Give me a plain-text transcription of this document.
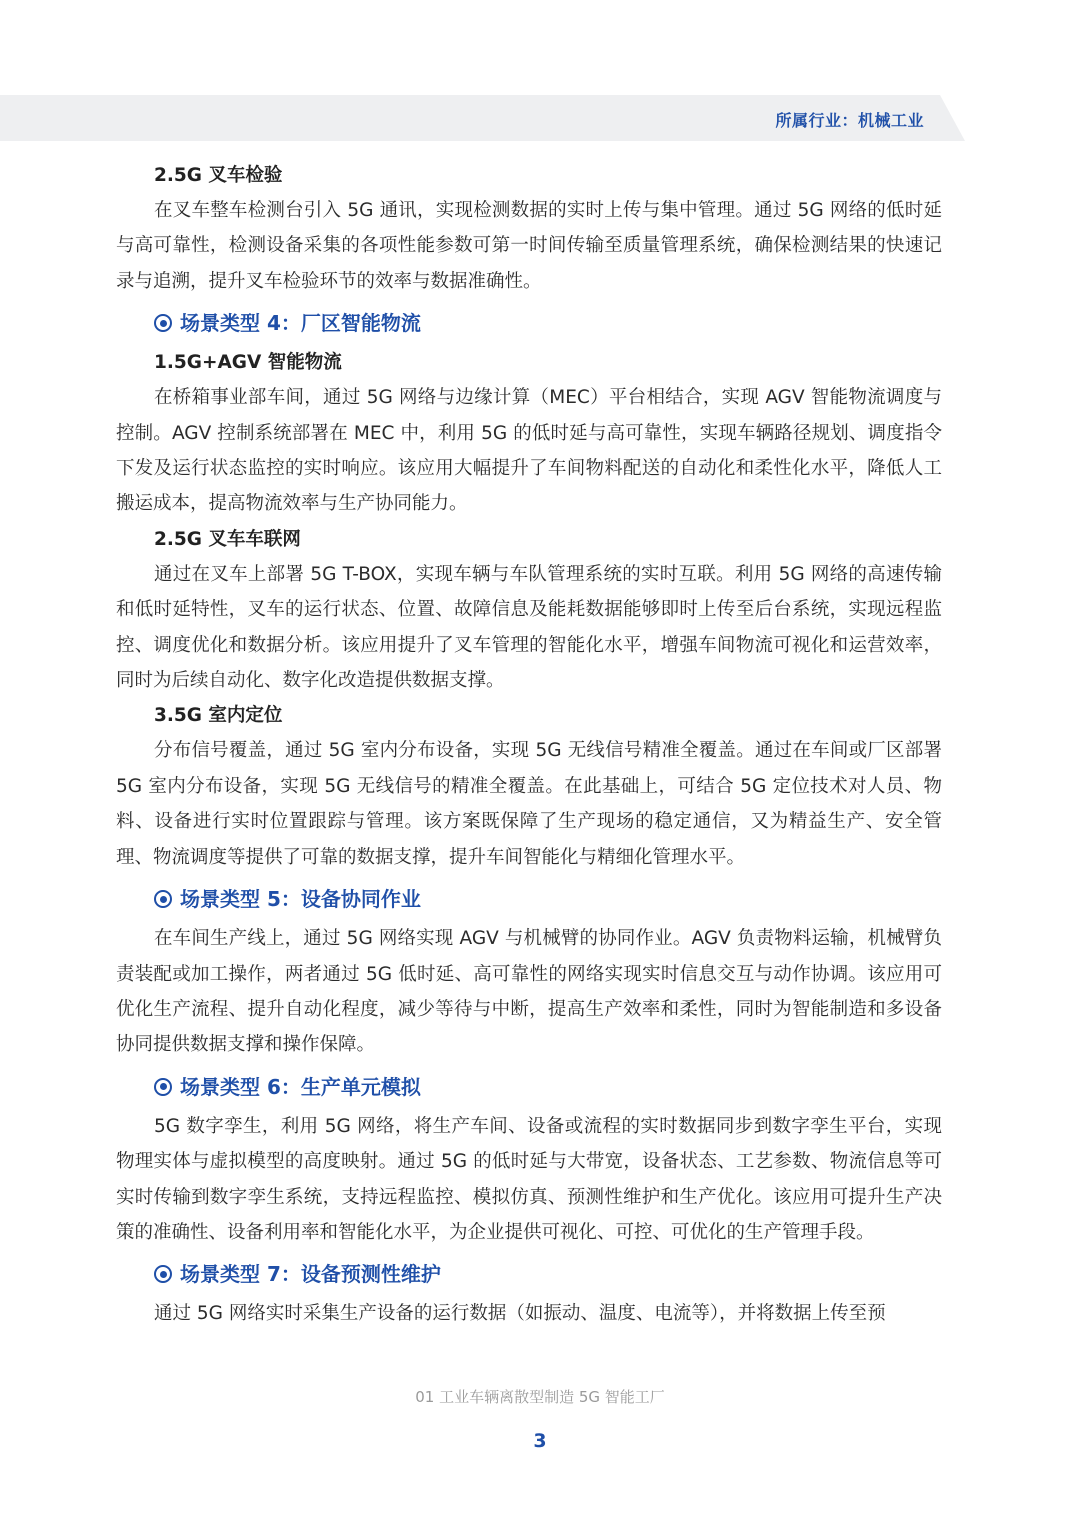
所属行业：机械工业
2.5G 叉车检验

在叉车整车检测台引入 5G 通讯，实现检测数据的实时上传与集中管理。通过 5G 网络的低时延与高可靠性，检测设备采集的各项性能参数可第一时间传输至质量管理系统，确保检测结果的快速记录与追溯，提升叉车检验环节的效率与数据准确性。

场景类型 4：厂区智能物流
1.5G+AGV 智能物流

在桥箱事业部车间，通过 5G 网络与边缘计算（MEC）平台相结合，实现 AGV 智能物流调度与控制。AGV 控制系统部署在 MEC 中，利用 5G 的低时延与高可靠性，实现车辆路径规划、调度指令下发及运行状态监控的实时响应。该应用大幅提升了车间物料配送的自动化和柔性化水平，降低人工搬运成本，提高物流效率与生产协同能力。

2.5G 叉车车联网

通过在叉车上部署 5G T-BOX，实现车辆与车队管理系统的实时互联。利用 5G 网络的高速传输和低时延特性，叉车的运行状态、位置、故障信息及能耗数据能够即时上传至后台系统，实现远程监控、调度优化和数据分析。该应用提升了叉车管理的智能化水平，增强车间物流可视化和运营效率，同时为后续自动化、数字化改造提供数据支撑。

3.5G 室内定位

分布信号覆盖，通过 5G 室内分布设备，实现 5G 无线信号精准全覆盖。通过在车间或厂区部署 5G 室内分布设备，实现 5G 无线信号的精准全覆盖。在此基础上，可结合 5G 定位技术对人员、物料、设备进行实时位置跟踪与管理。该方案既保障了生产现场的稳定通信，又为精益生产、安全管理、物流调度等提供了可靠的数据支撑，提升车间智能化与精细化管理水平。

场景类型 5：设备协同作业

在车间生产线上，通过 5G 网络实现 AGV 与机械臂的协同作业。AGV 负责物料运输，机械臂负责装配或加工操作，两者通过 5G 低时延、高可靠性的网络实现实时信息交互与动作协调。该应用可优化生产流程、提升自动化程度，减少等待与中断，提高生产效率和柔性，同时为智能制造和多设备协同提供数据支撑和操作保障。

场景类型 6：生产单元模拟

5G 数字孪生，利用 5G 网络，将生产车间、设备或流程的实时数据同步到数字孪生平台，实现物理实体与虚拟模型的高度映射。通过 5G 的低时延与大带宽，设备状态、工艺参数、物流信息等可实时传输到数字孪生系统，支持远程监控、模拟仿真、预测性维护和生产优化。该应用可提升生产决策的准确性、设备利用率和智能化水平，为企业提供可视化、可控、可优化的生产管理手段。

场景类型 7：设备预测性维护

通过 5G 网络实时采集生产设备的运行数据（如振动、温度、电流等），并将数据上传至预

01 工业车辆离散型制造 5G 智能工厂
3
